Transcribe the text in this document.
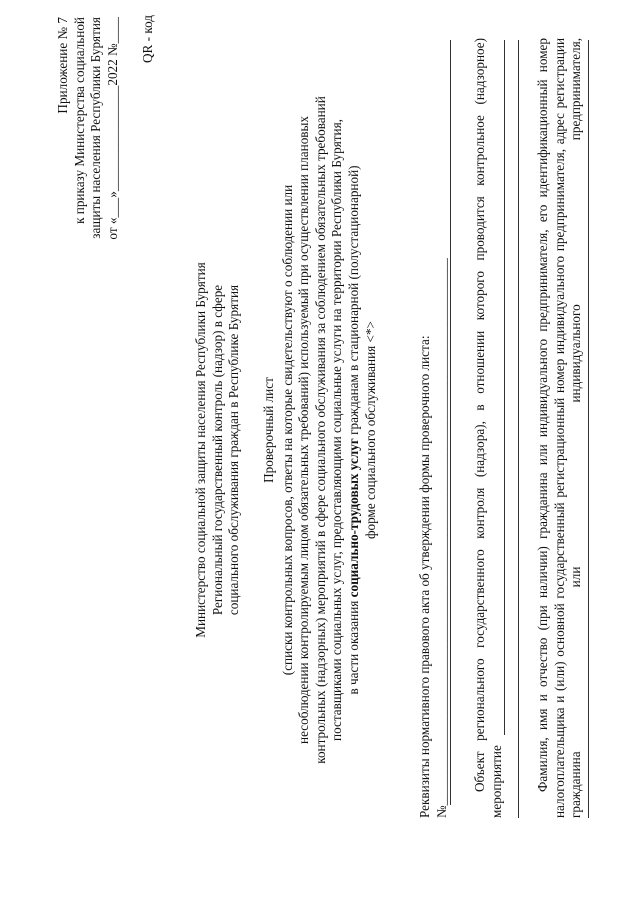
Приложение № 7 к приказу Министерства социальной защиты населения Республики Бурятия от «___»________________2022 №____ QR - код
Министерство социальной защиты населения Республики Бурятия Региональный государственный контроль (надзор) в сфере социального обслуживания граждан в Республике Бурятия Проверочный лист (списки контрольных вопросов, ответы на которые свидетельствуют о соблюдении или несоблюдении контролируемым лицом обязательных требований) используемый при осуществлении плановых контрольных (надзорных) мероприятий в сфере социального обслуживания за соблюдением обязательных требований поставщиками социальных услуг, предоставляющими социальные услуги на территории Республики Бурятия, в части оказания социально-трудовых услуг гражданам в стационарной (полустационарной) форме социального обслуживания <*>	Реквизиты нормативного правового акта об утверждении формы проверочного листа: №___________________________________________________________________________________ Объект регионального государственного контроля (надзора), в отношении которого проводится контрольное (надзорное) мероприятие Фамилия, имя и отчество (при наличии) гражданина или индивидуального предпринимателя, его идентификационный номер налогоплательщика и (или) основной государственный регистрационный номер индивидуального предпринимателя, адрес регистрации гражданина или индивидуального предпринимателя,
